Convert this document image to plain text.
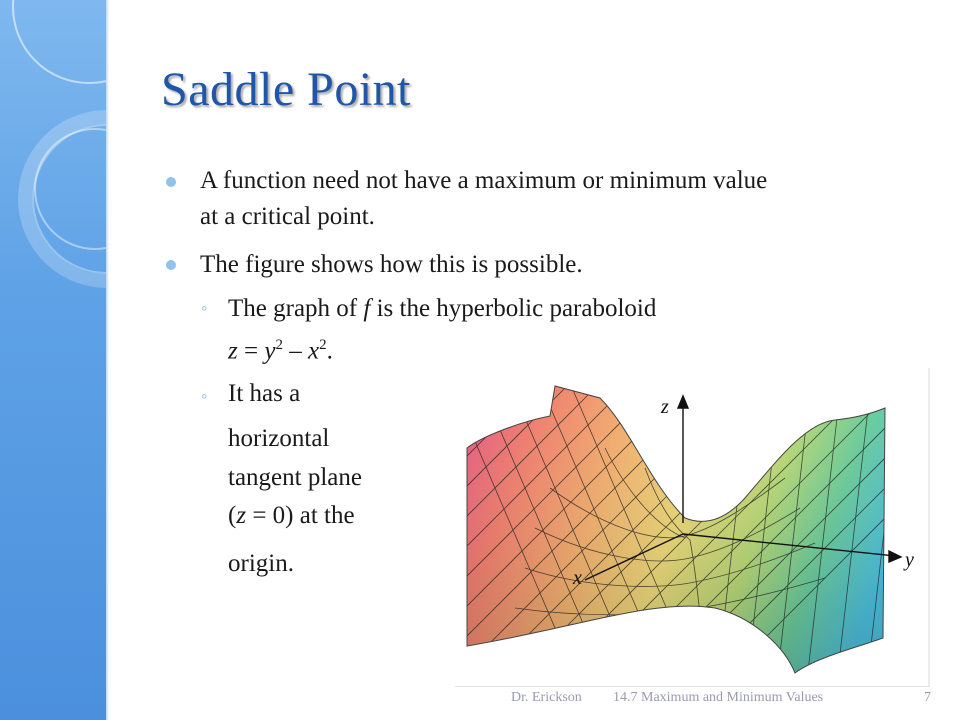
Saddle Point
A function need not have a maximum or minimum value
at a critical point.
The figure shows how this is possible.
◦ The graph of f is the hyperbolic paraboloid
$z = y^2 - x^2$.
◦ It has a
horizontal
tangent plane
(z = 0) at the
origin.
z
y
x
Dr. Erickson 14.7 Maximum and Minimum Values	7
